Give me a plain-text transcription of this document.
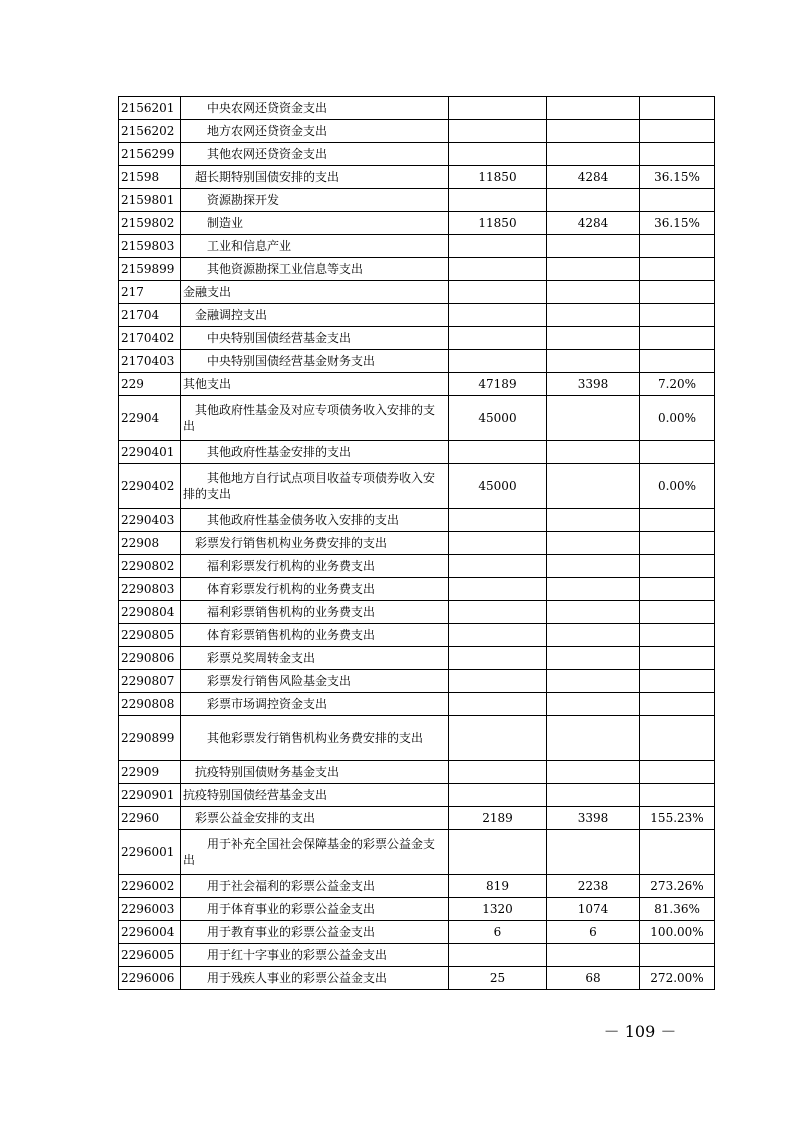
2156201	中央农网还贷资金支出			
2156202	地方农网还贷资金支出			
2156299	其他农网还贷资金支出			
21598	超长期特别国债安排的支出	11850	4284	36.15%
2159801	资源勘探开发			
2159802	制造业	11850	4284	36.15%
2159803	工业和信息产业			
2159899	其他资源勘探工业信息等支出			
217	金融支出			
21704	金融调控支出			
2170402	中央特别国债经营基金支出			
2170403	中央特别国债经营基金财务支出			
229	其他支出	47189	3398	7.20%
22904	其他政府性基金及对应专项债务收入安排的支出	45000		0.00%
2290401	其他政府性基金安排的支出			
2290402	其他地方自行试点项目收益专项债券收入安排的支出	45000		0.00%
2290403	其他政府性基金债务收入安排的支出			
22908	彩票发行销售机构业务费安排的支出			
2290802	福利彩票发行机构的业务费支出			
2290803	体育彩票发行机构的业务费支出			
2290804	福利彩票销售机构的业务费支出			
2290805	体育彩票销售机构的业务费支出			
2290806	彩票兑奖周转金支出			
2290807	彩票发行销售风险基金支出			
2290808	彩票市场调控资金支出			
2290899	其他彩票发行销售机构业务费安排的支出			
22909	抗疫特别国债财务基金支出			
2290901	抗疫特别国债经营基金支出			
22960	彩票公益金安排的支出	2189	3398	155.23%
2296001	用于补充全国社会保障基金的彩票公益金支出			
2296002	用于社会福利的彩票公益金支出	819	2238	273.26%
2296003	用于体育事业的彩票公益金支出	1320	1074	81.36%
2296004	用于教育事业的彩票公益金支出	6	6	100.00%
2296005	用于红十字事业的彩票公益金支出			
2296006	用于残疾人事业的彩票公益金支出	25	68	272.00%
－ 109 －
